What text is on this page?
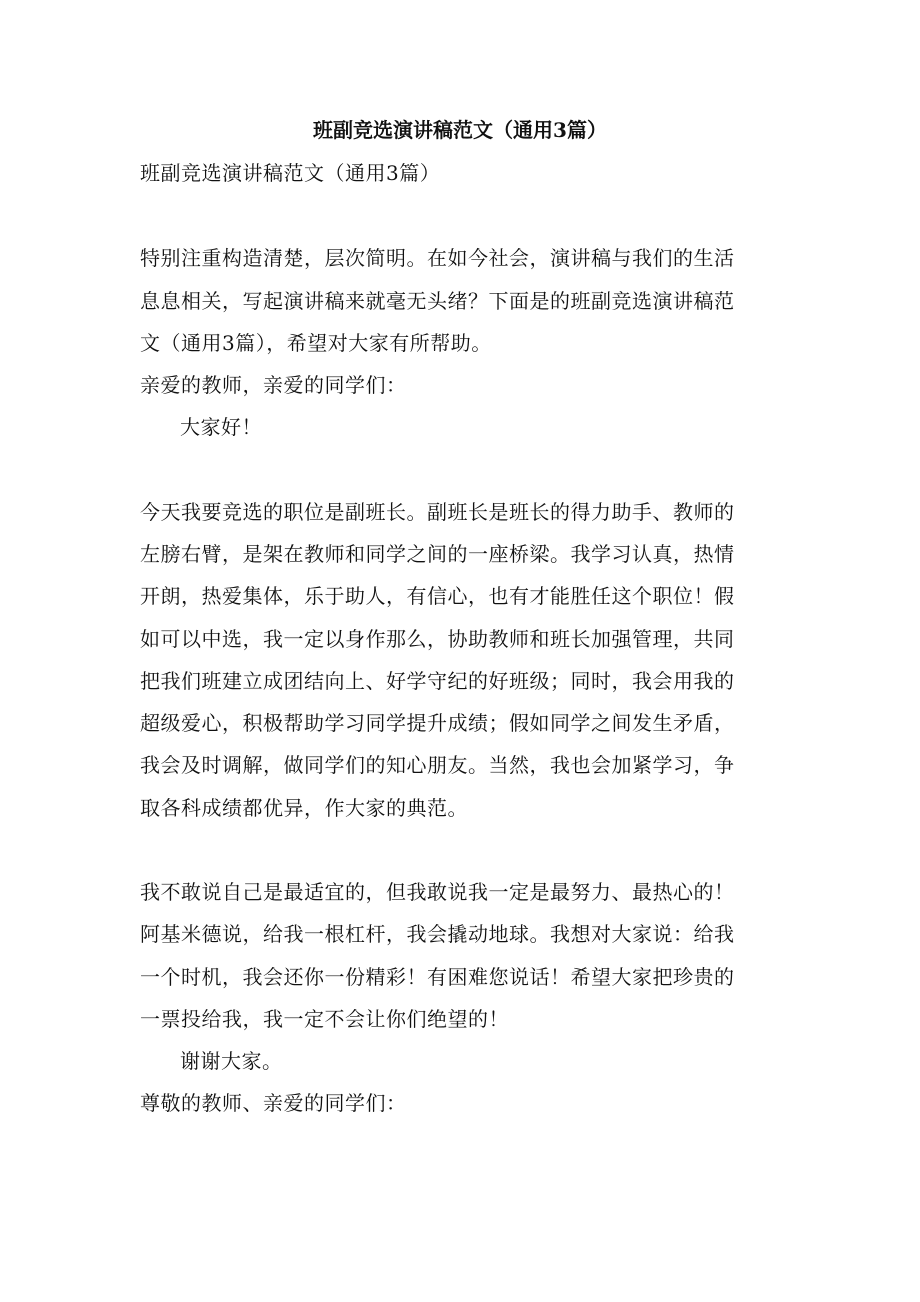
班副竞选演讲稿范文（通用3篇）
班副竞选演讲稿范文（通用3篇）
特别注重构造清楚，层次简明。在如今社会，演讲稿与我们的生活
息息相关，写起演讲稿来就毫无头绪？下面是的班副竞选演讲稿范
文（通用3篇），希望对大家有所帮助。
亲爱的教师，亲爱的同学们：
大家好！
今天我要竞选的职位是副班长。副班长是班长的得力助手、教师的
左膀右臂，是架在教师和同学之间的一座桥梁。我学习认真，热情
开朗，热爱集体，乐于助人，有信心，也有才能胜任这个职位！假
如可以中选，我一定以身作那么，协助教师和班长加强管理，共同
把我们班建立成团结向上、好学守纪的好班级；同时，我会用我的
超级爱心，积极帮助学习同学提升成绩；假如同学之间发生矛盾，
我会及时调解，做同学们的知心朋友。当然，我也会加紧学习，争
取各科成绩都优异，作大家的典范。
我不敢说自己是最适宜的，但我敢说我一定是最努力、最热心的！
阿基米德说，给我一根杠杆，我会撬动地球。我想对大家说：给我
一个时机，我会还你一份精彩！有困难您说话！希望大家把珍贵的
一票投给我，我一定不会让你们绝望的！
谢谢大家。
尊敬的教师、亲爱的同学们：
